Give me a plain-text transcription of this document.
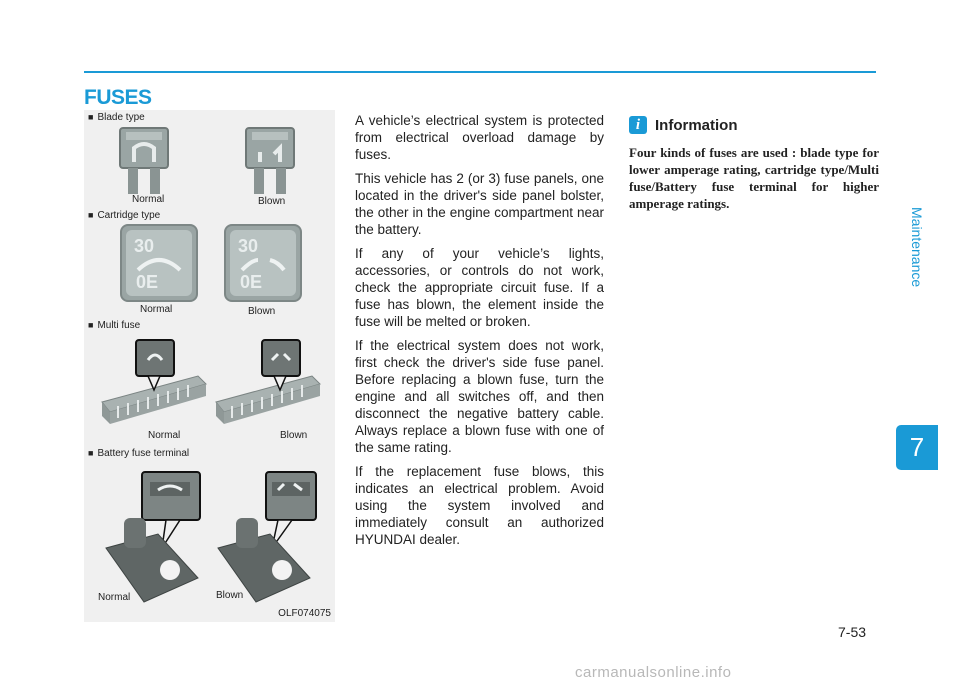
FUSES
Maintenance
7
■ Blade type
Normal	Blown
■ Cartridge type
30
0E
Normal
30
0E
Blown
■ Multi fuse
Normal	Blown
■ Battery fuse terminal
Normal	Blown
OLF074075

A vehicle’s electrical system is protected from electrical overload damage by fuses.

This vehicle has 2 (or 3) fuse panels, one located in the driver's side panel bolster, the other in the engine compartment near the battery.

If any of your vehicle’s lights, accessories, or controls do not work, check the appropriate circuit fuse. If a fuse has blown, the element inside the fuse will be melted or broken.

If the electrical system does not work, first check the driver's side fuse panel. Before replacing a blown fuse, turn the engine and all switches off, and then disconnect the negative battery cable. Always replace a blown fuse with one of the same rating.

If the replacement fuse blows, this indicates an electrical problem. Avoid using the system involved and immediately consult an authorized HYUNDAI dealer.

i Information
Four kinds of fuses are used : blade type for lower amperage rating, cartridge type/Multi fuse/Battery fuse terminal for higher amperage ratings.
7-53
carmanualsonline.info
